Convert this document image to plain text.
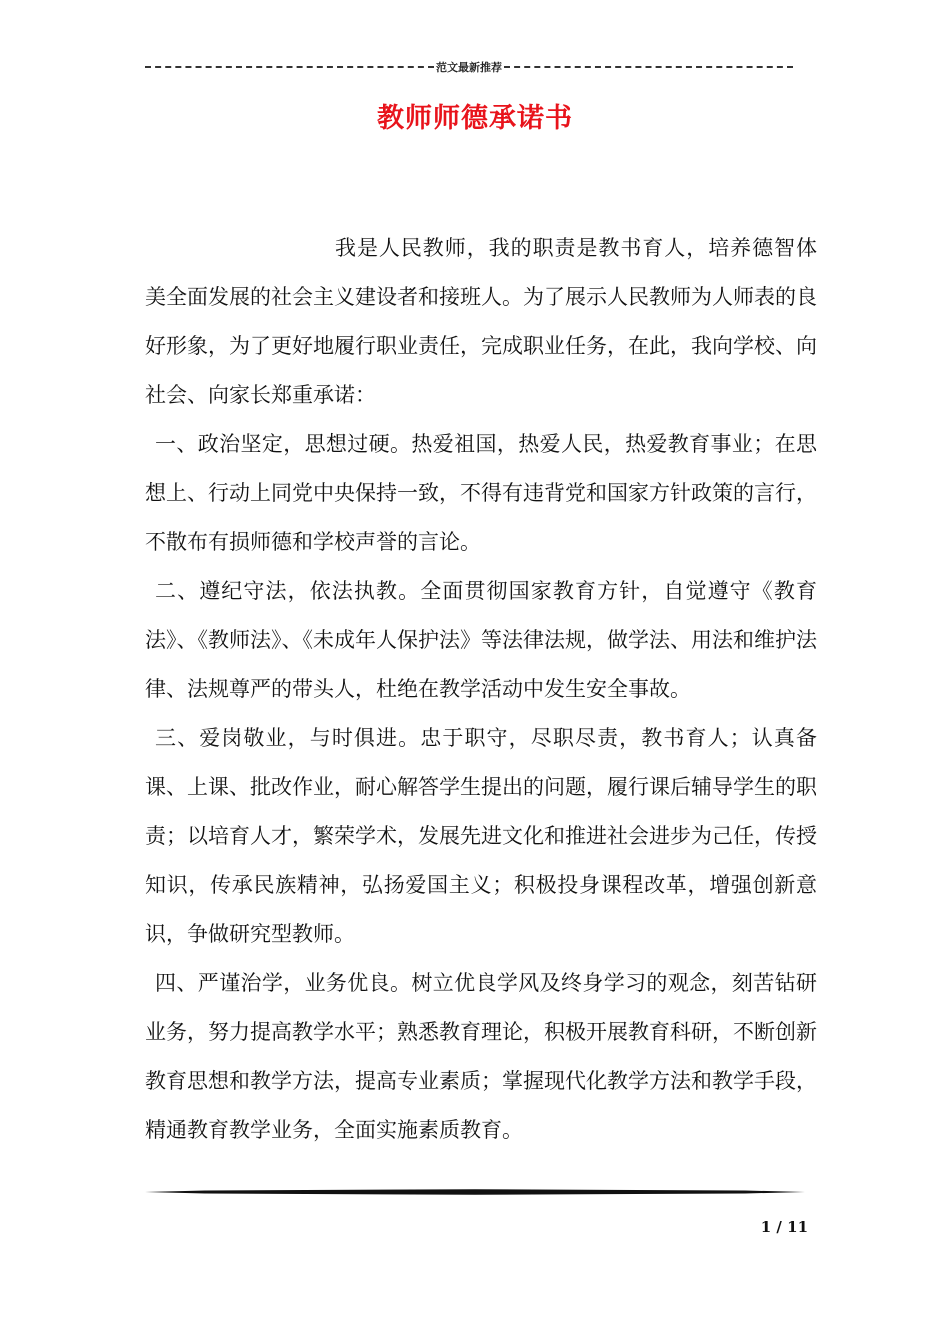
范文最新推荐
教师师德承诺书

我是人民教师，我的职责是教书育人，培养德智体美全面发展的社会主义建设者和接班人。为了展示人民教师为人师表的良好形象，为了更好地履行职业责任，完成职业任务，在此，我向学校、向社会、向家长郑重承诺：

一、政治坚定，思想过硬。热爱祖国，热爱人民，热爱教育事业；在思想上、行动上同党中央保持一致，不得有违背党和国家方针政策的言行，不散布有损师德和学校声誉的言论。

二、遵纪守法，依法执教。全面贯彻国家教育方针，自觉遵守《教育法》、《教师法》、《未成年人保护法》等法律法规，做学法、用法和维护法律、法规尊严的带头人，杜绝在教学活动中发生安全事故。

三、爱岗敬业，与时俱进。忠于职守，尽职尽责，教书育人；认真备课、上课、批改作业，耐心解答学生提出的问题，履行课后辅导学生的职责；以培育人才，繁荣学术，发展先进文化和推进社会进步为己任，传授知识，传承民族精神，弘扬爱国主义；积极投身课程改革，增强创新意识，争做研究型教师。

四、严谨治学，业务优良。树立优良学风及终身学习的观念，刻苦钻研业务，努力提高教学水平；熟悉教育理论，积极开展教育科研，不断创新教育思想和教学方法，提高专业素质；掌握现代化教学方法和教学手段，精通教育教学业务，全面实施素质教育。

1 / 11
